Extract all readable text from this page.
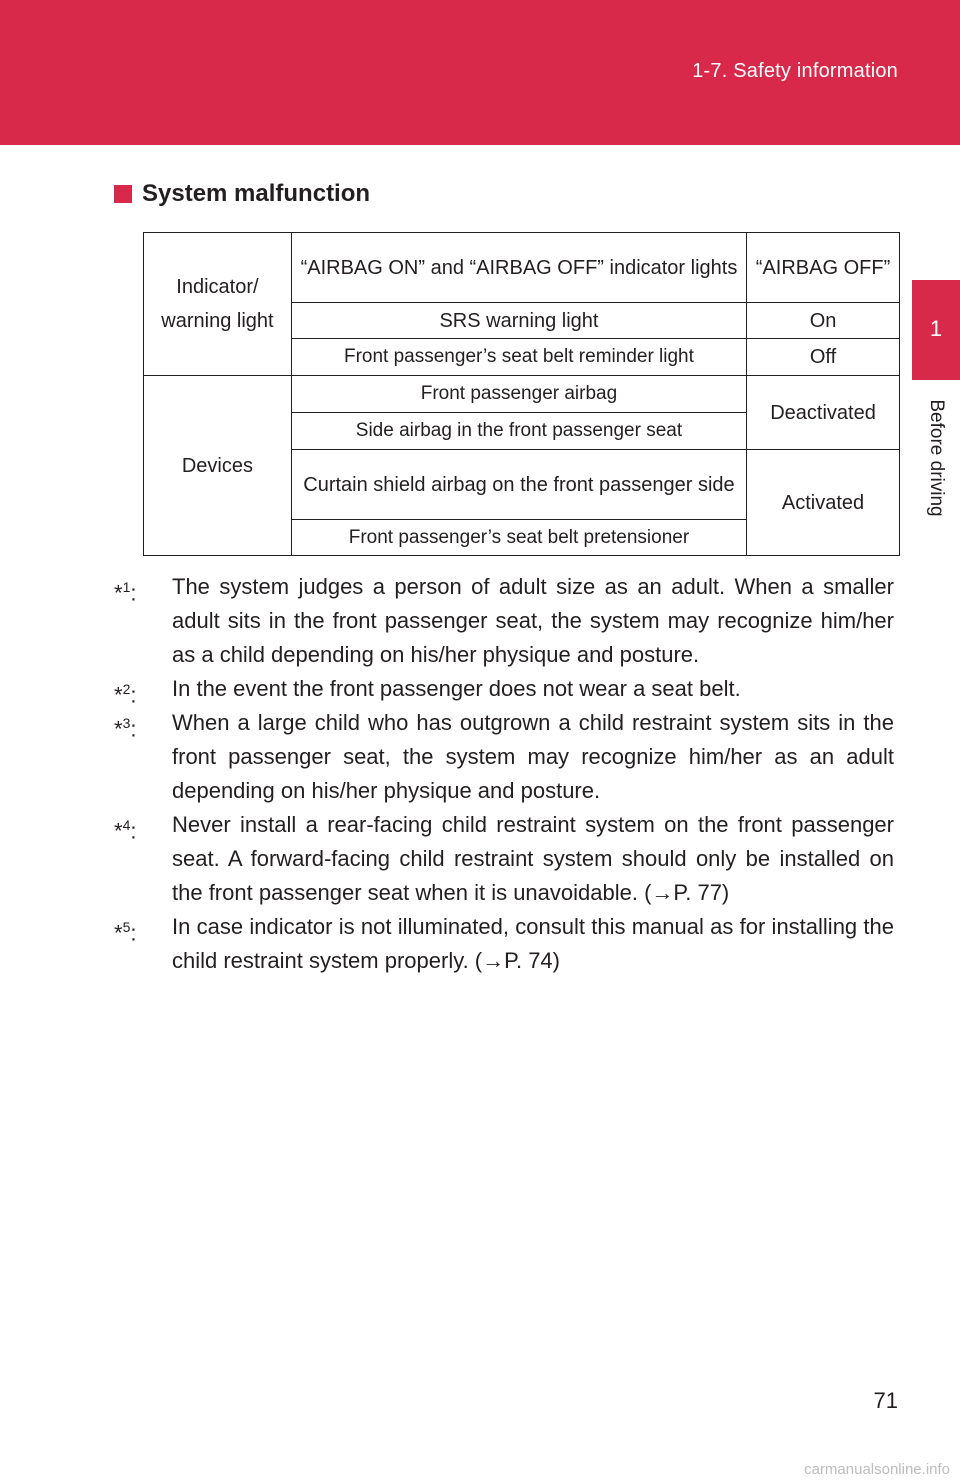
1-7. Safety information
1
Before driving
System malfunction
Indicator/ warning light	“AIRBAG ON” and “AIRBAG OFF” indicator lights	“AIRBAG OFF”
	SRS warning light	On
	Front passenger’s seat belt reminder light	Off
Devices	Front passenger airbag	Deactivated
	Side airbag in the front passenger seat	
	Curtain shield airbag on the front passenger side	Activated
	Front passenger’s seat belt pretensioner	

*$^1$: The system judges a person of adult size as an adult. When a smaller adult sits in the front passenger seat, the system may recognize him/her as a child depending on his/her physique and posture.

*$^2$: In the event the front passenger does not wear a seat belt.

*$^3$: When a large child who has outgrown a child restraint system sits in the front passenger seat, the system may recognize him/her as an adult depending on his/her physique and posture.

*$^4$: Never install a rear-facing child restraint system on the front passenger seat. A forward-facing child restraint system should only be installed on the front passenger seat when it is unavoidable. (→P. 77)

*$^5$: In case indicator is not illuminated, consult this manual as for installing the child restraint system properly. (→P. 74)

71
carmanualsonline.info
